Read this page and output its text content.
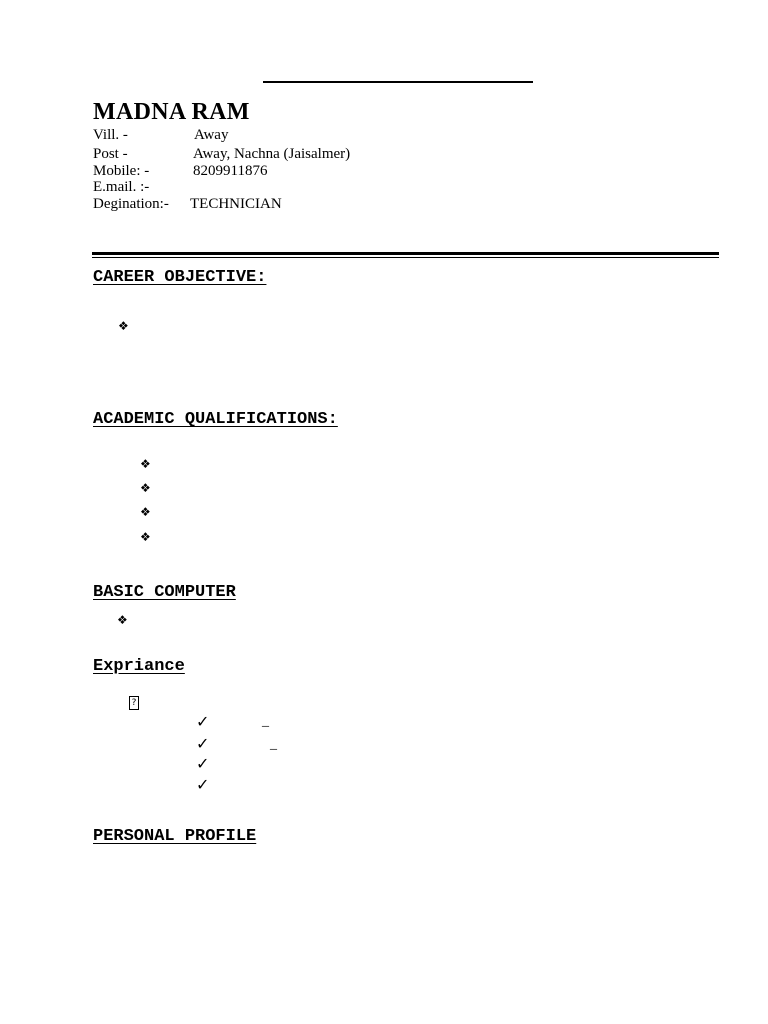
MADNA RAM
Vill. -	Away
Post -	Away, Nachna (Jaisalmer)
Mobile: -	8209911876
E.mail. :-
Degination:- TECHNICIAN
CAREER OBJECTIVE:
❖
ACADEMIC QUALIFICATIONS:
❖
❖
❖
❖
BASIC COMPUTER
❖
Expriance
?
✓	_
✓	_
✓
✓
PERSONAL PROFILE
